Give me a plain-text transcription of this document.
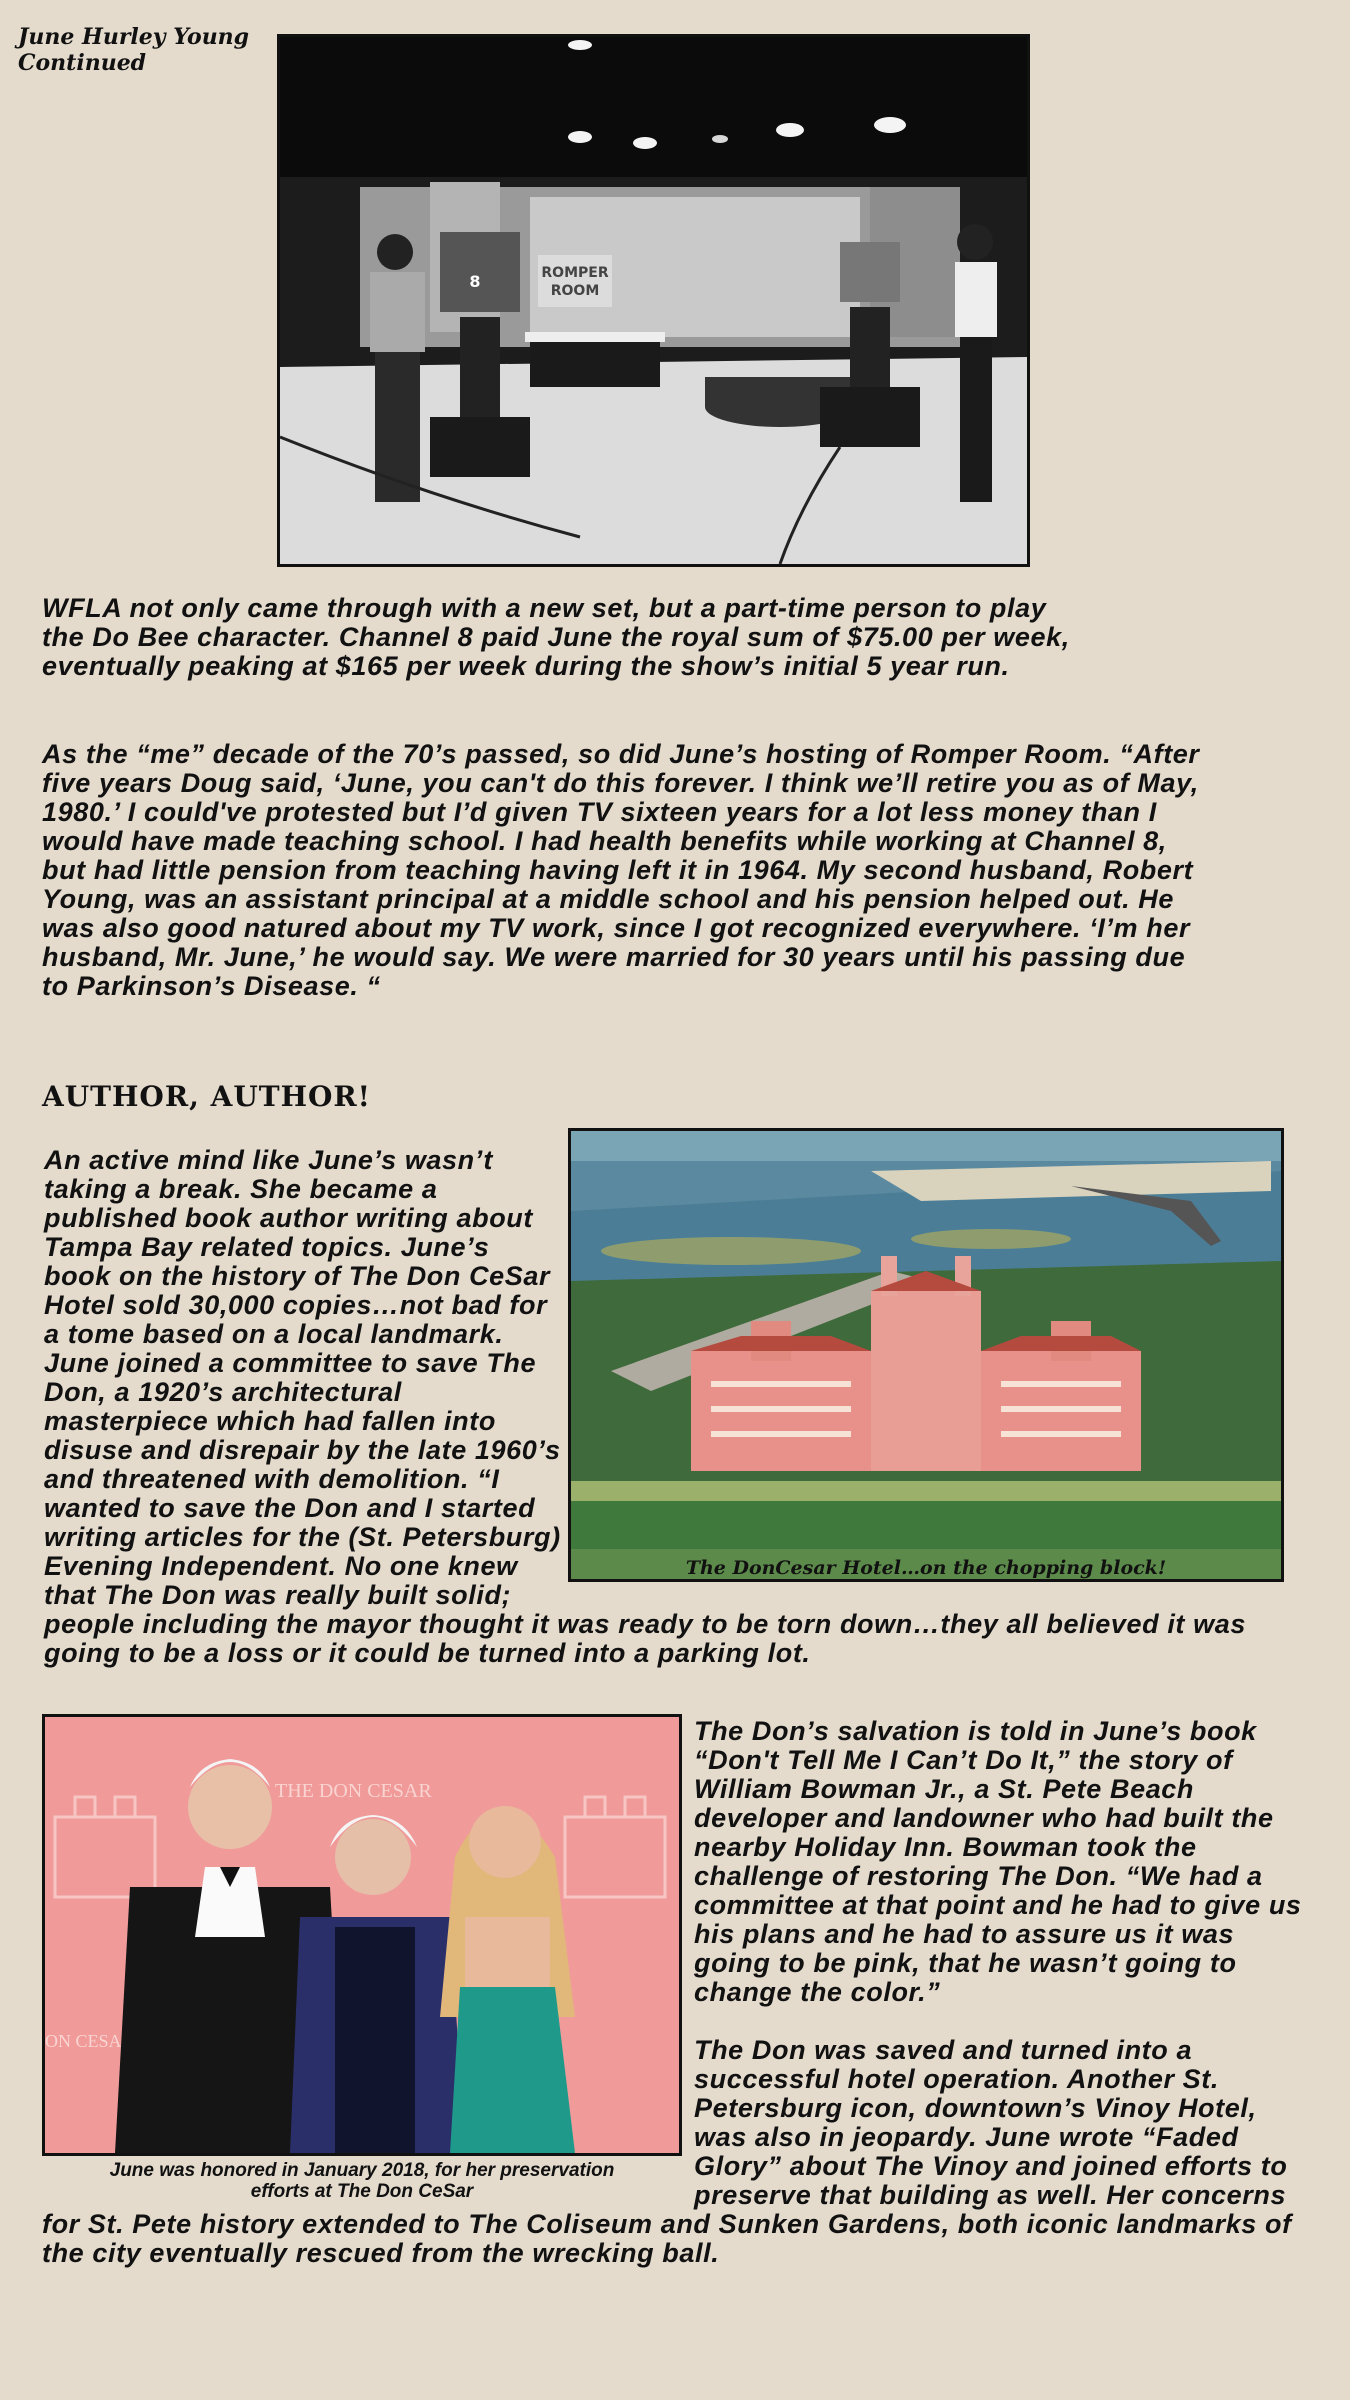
June Hurley Young
Continued
ROMPER
ROOM
8

WFLA not only came through with a new set, but a part-time person to play the Do Bee character. Channel 8 paid June the royal sum of $75.00 per week, eventually peaking at $165 per week during the show’s initial 5 year run.

As the “me” decade of the 70’s passed, so did June’s hosting of Romper Room. “After five years Doug said, ‘June, you can't do this forever. I think we’ll retire you as of May, 1980.’ I could've protested but I’d given TV sixteen years for a lot less money than I would have made teaching school. I had health benefits while working at Channel 8, but had little pension from teaching having left it in 1964. My second husband, Robert Young, was an assistant principal at a middle school and his pension helped out. He was also good natured about my TV work, since I got recognized everywhere. ‘I’m her husband, Mr. June,’ he would say. We were married for 30 years until his passing due to Parkinson’s Disease. “

AUTHOR, AUTHOR!
The DonCesar Hotel…on the chopping block!

An active mind like June’s wasn’t taking a break. She became a published book author writing about Tampa Bay related topics. June’s book on the history of The Don CeSar Hotel sold 30,000 copies…not bad for a tome based on a local landmark. June joined a committee to save The Don, a 1920’s architectural masterpiece which had fallen into disuse and disrepair by the late 1960’s and threatened with demolition. “I wanted to save the Don and I started writing articles for the (St. Petersburg) Evening Independent. No one knew that The Don was really built solid; people including the mayor thought it was ready to be torn down…they all believed it was going to be a loss or it could be turned into a parking lot.

THE DON CESAR
ON CESA
June was honored in January 2018, for her preservation
efforts at The Don CeSar

The Don’s salvation is told in June’s book “Don't Tell Me I Can’t Do It,” the story of William Bowman Jr., a St. Pete Beach developer and landowner who had built the nearby Holiday Inn. Bowman took the challenge of restoring The Don. “We had a committee at that point and he had to give us his plans and he had to assure us it was going to be pink, that he wasn’t going to change the color.”
The Don was saved and turned into a successful hotel operation. Another St. Petersburg icon, downtown’s Vinoy Hotel, was also in jeopardy. June wrote “Faded Glory” about The Vinoy and joined efforts to preserve that building as well. Her concerns for St. Pete history extended to The Coliseum and Sunken Gardens, both iconic landmarks of the city eventually rescued from the wrecking ball.
